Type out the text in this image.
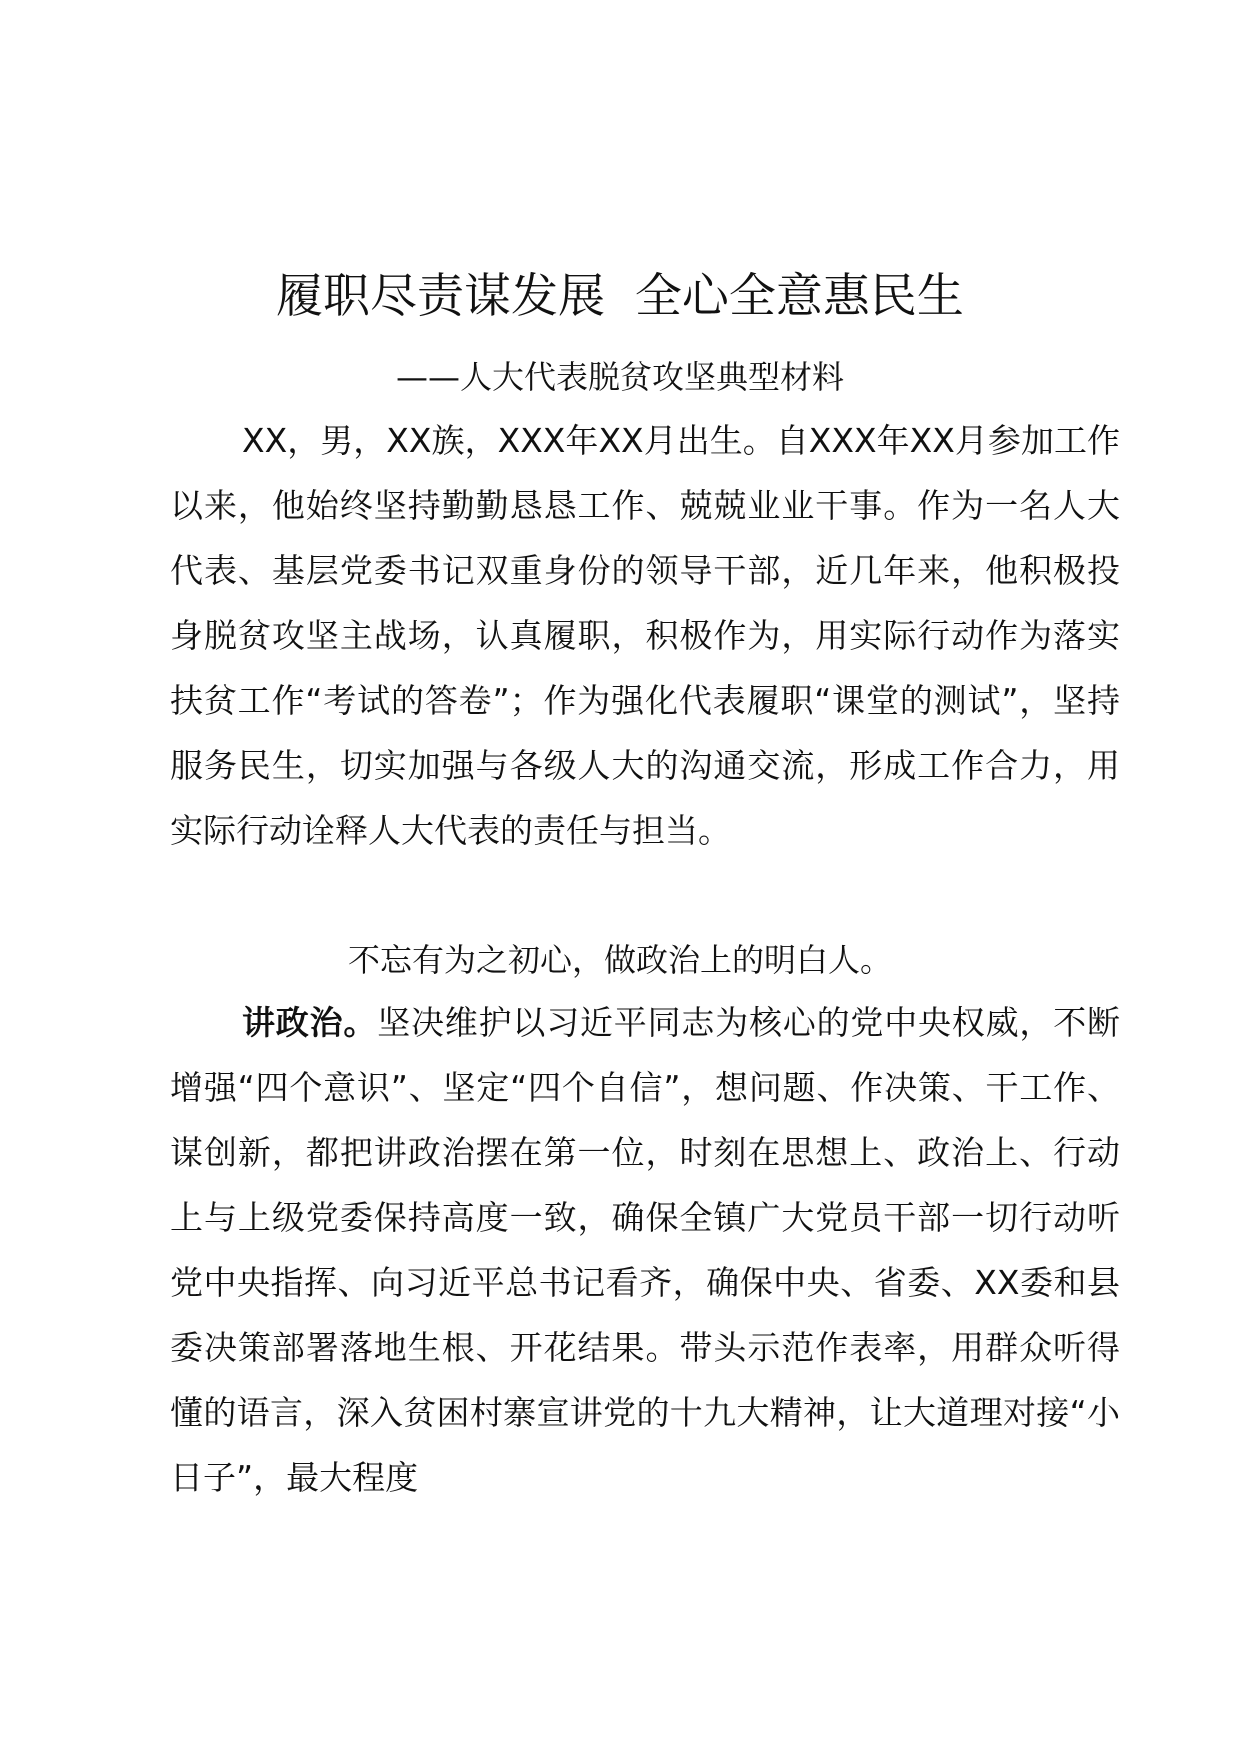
履职尽责谋发展  全心全意惠民生
——人大代表脱贫攻坚典型材料
XX，男，XX族，XXX年XX月出生。自XXX年XX月参加工作以来，他始终坚持勤勤恳恳工作、兢兢业业干事。作为一名人大代表、基层党委书记双重身份的领导干部，近几年来，他积极投身脱贫攻坚主战场，认真履职，积极作为，用实际行动作为落实扶贫工作“考试的答卷”；作为强化代表履职“课堂的测试”，坚持服务民生，切实加强与各级人大的沟通交流，形成工作合力，用实际行动诠释人大代表的责任与担当。
不忘有为之初心，做政治上的明白人。
讲政治。坚决维护以习近平同志为核心的党中央权威，不断增强“四个意识”、坚定“四个自信”，想问题、作决策、干工作、谋创新，都把讲政治摆在第一位，时刻在思想上、政治上、行动上与上级党委保持高度一致，确保全镇广大党员干部一切行动听党中央指挥、向习近平总书记看齐，确保中央、省委、XX委和县委决策部署落地生根、开花结果。带头示范作表率，用群众听得懂的语言，深入贫困村寨宣讲党的十九大精神，让大道理对接“小日子”，最大程度
